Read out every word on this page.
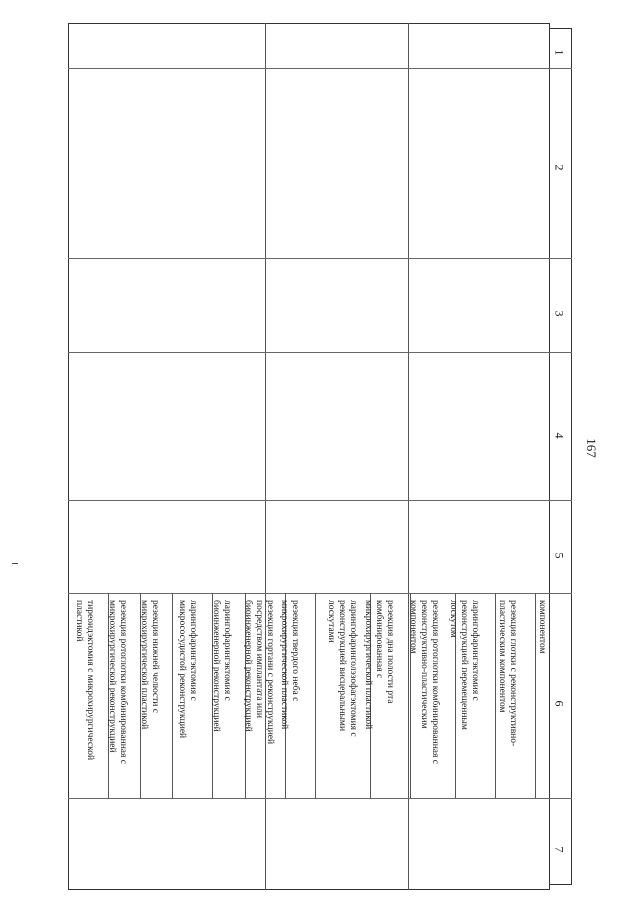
167
1
2
3
4
5
6
7
компонентом
резекция глотки с реконструктивно-
пластическим компонентом
ларингофарингэктомия с
реконструкцией перемещенным
лоскутом
резекция ротоглотки комбинированная с
реконструктивно-пластическим
компонентом
резекция дна полости рта
комбинированная с
микрохирургической пластикой
ларингофаринголэзофагэктомия с
реконструкцией висцеральными
лоскутами
резекция твердого неба с
микрохирургической пластикой
резекция гортани с реконструкцией
посредством имплантата или
биоинженерной реконструкцией
ларингофарингэктомия с
биоинженерной реконструкцией
ларингофарингэктомия с
микрососудистой реконструкцией
резекция нижней челюсти с
микрохирургической пластикой
резекция ротоглотки комбинированная с
микрохирургической реконструкцией
тиреоидэктомия с микрохирургической
пластикой
